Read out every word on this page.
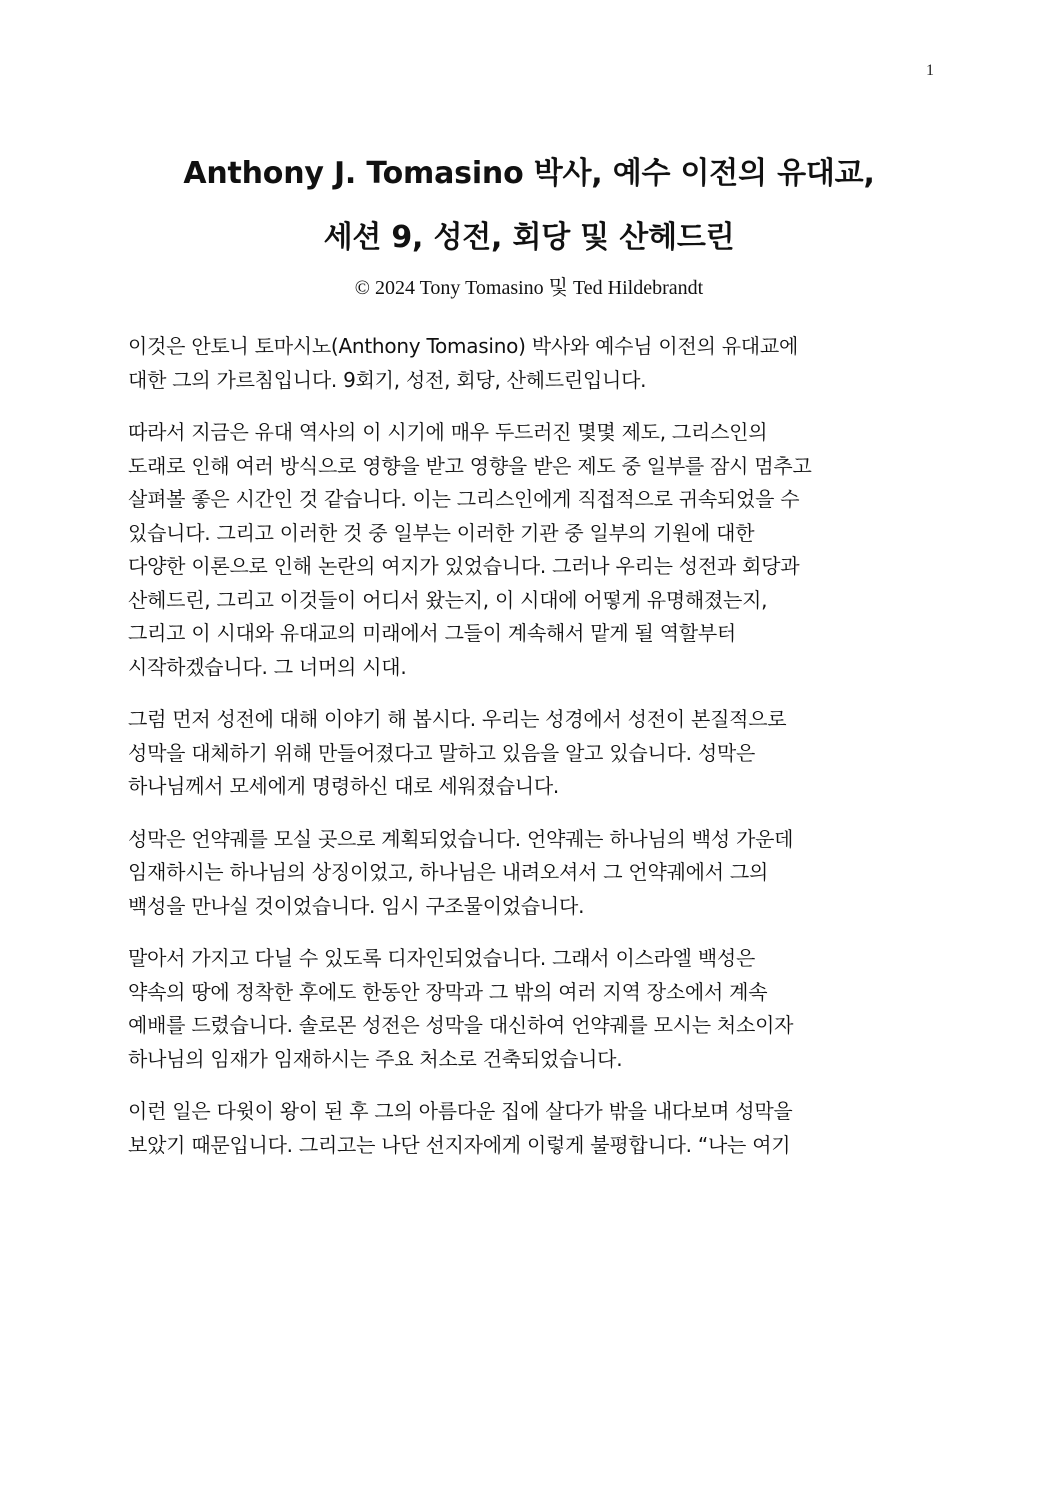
1
Anthony J. Tomasino 박사, 예수 이전의 유대교,
세션 9, 성전, 회당 및 산헤드린
© 2024 Tony Tomasino 및 Ted Hildebrandt
이것은 안토니 토마시노(Anthony Tomasino) 박사와 예수님 이전의 유대교에
대한 그의 가르침입니다. 9회기, 성전, 회당, 산헤드린입니다.
따라서 지금은 유대 역사의 이 시기에 매우 두드러진 몇몇 제도, 그리스인의
도래로 인해 여러 방식으로 영향을 받고 영향을 받은 제도 중 일부를 잠시 멈추고
살펴볼 좋은 시간인 것 같습니다. 이는 그리스인에게 직접적으로 귀속되었을 수
있습니다. 그리고 이러한 것 중 일부는 이러한 기관 중 일부의 기원에 대한
다양한 이론으로 인해 논란의 여지가 있었습니다. 그러나 우리는 성전과 회당과
산헤드린, 그리고 이것들이 어디서 왔는지, 이 시대에 어떻게 유명해졌는지,
그리고 이 시대와 유대교의 미래에서 그들이 계속해서 맡게 될 역할부터
시작하겠습니다. 그 너머의 시대.
그럼 먼저 성전에 대해 이야기 해 봅시다. 우리는 성경에서 성전이 본질적으로
성막을 대체하기 위해 만들어졌다고 말하고 있음을 알고 있습니다. 성막은
하나님께서 모세에게 명령하신 대로 세워졌습니다.
성막은 언약궤를 모실 곳으로 계획되었습니다. 언약궤는 하나님의 백성 가운데
임재하시는 하나님의 상징이었고, 하나님은 내려오셔서 그 언약궤에서 그의
백성을 만나실 것이었습니다. 임시 구조물이었습니다.
말아서 가지고 다닐 수 있도록 디자인되었습니다. 그래서 이스라엘 백성은
약속의 땅에 정착한 후에도 한동안 장막과 그 밖의 여러 지역 장소에서 계속
예배를 드렸습니다. 솔로몬 성전은 성막을 대신하여 언약궤를 모시는 처소이자
하나님의 임재가 임재하시는 주요 처소로 건축되었습니다.
이런 일은 다윗이 왕이 된 후 그의 아름다운 집에 살다가 밖을 내다보며 성막을
보았기 때문입니다. 그리고는 나단 선지자에게 이렇게 불평합니다. “나는 여기
